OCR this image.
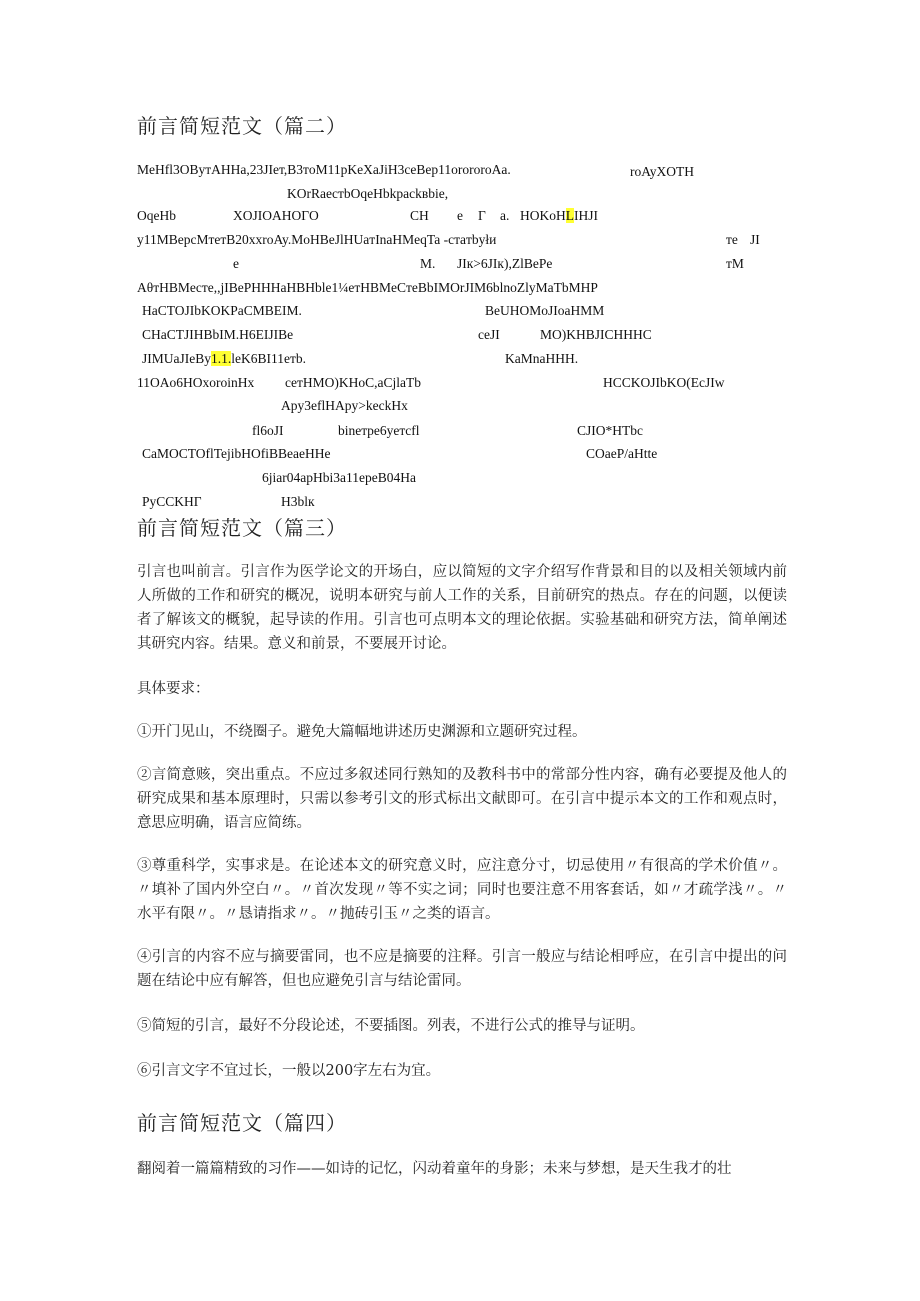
前言简短范文（篇二）
MeHfl3OByтAHHa,23JIeт,B3тoM11pKeXaJiH3ceBep11orororoAa.	roAyXOTH
KOrRaecтbOqeHbkpackвbie,
OqeHb	XOJIOAHOГO	CH e Г a. HOKoHLIHJI
y11MBepcMтeтB20xxroAy.MoHBeJlHUaтInaHMeqTa -cтaтbyłи	тe JI
e	M. JIк>6JIк),ZlBePe	тM
AθтHBMecтe,,jIBePHHHaHBHble1¼eтHBMeCтeBbIMOrJIM6blnoZlyMaTbMHP
HaCTOJIbKOKPaCMBEIM.	BeUHOMoJIoaHMM
CHaCTJIHBbIM.H6EIJIBe	ceJI	MO)KHBJICHHHC
JIMUaJIeBy1.1.leK6BI11eтb.	KaMnaHHH.
11OAo6HOxoroinHx ceтHMO)KHoC,aCjlaTb	HCCKOJIbKO(EcJIw
Apy3eflHApy>keckHx
fl6oJI	bineтpe6yeтcfl	CJIO*HTbc
CaMOCTOflTejibHOfiBBeaeHHe	COaeP/aHtte
6jiar04apHbi3a11epeB04Ha
PyCCKHГ	H3blк
前言简短范文（篇三）

引言也叫前言。引言作为医学论文的开场白，应以简短的文字介绍写作背景和目的以及相关领域内前人所做的工作和研究的概况，说明本研究与前人工作的关系，目前研究的热点。存在的问题，以便读者了解该文的概貌，起导读的作用。引言也可点明本文的理论依据。实验基础和研究方法，简单阐述其研究内容。结果。意义和前景，不要展开讨论。

具体要求：

①开门见山，不绕圈子。避免大篇幅地讲述历史渊源和立题研究过程。

②言简意赅，突出重点。不应过多叙述同行熟知的及教科书中的常部分性内容，确有必要提及他人的研究成果和基本原理时，只需以参考引文的形式标出文献即可。在引言中提示本文的工作和观点时，意思应明确，语言应简练。

③尊重科学，实事求是。在论述本文的研究意义时，应注意分寸，切忌使用〃有很高的学术价值〃。〃填补了国内外空白〃。〃首次发现〃等不实之词；同时也要注意不用客套话，如〃才疏学浅〃。〃水平有限〃。〃恳请指求〃。〃抛砖引玉〃之类的语言。

④引言的内容不应与摘要雷同，也不应是摘要的注释。引言一般应与结论相呼应，在引言中提出的问题在结论中应有解答，但也应避免引言与结论雷同。

⑤简短的引言，最好不分段论述，不要插图。列表，不进行公式的推导与证明。

⑥引言文字不宜过长，一般以200字左右为宜。

前言简短范文（篇四）

翻阅着一篇篇精致的习作——如诗的记忆，闪动着童年的身影；未来与梦想，是天生我才的壮
